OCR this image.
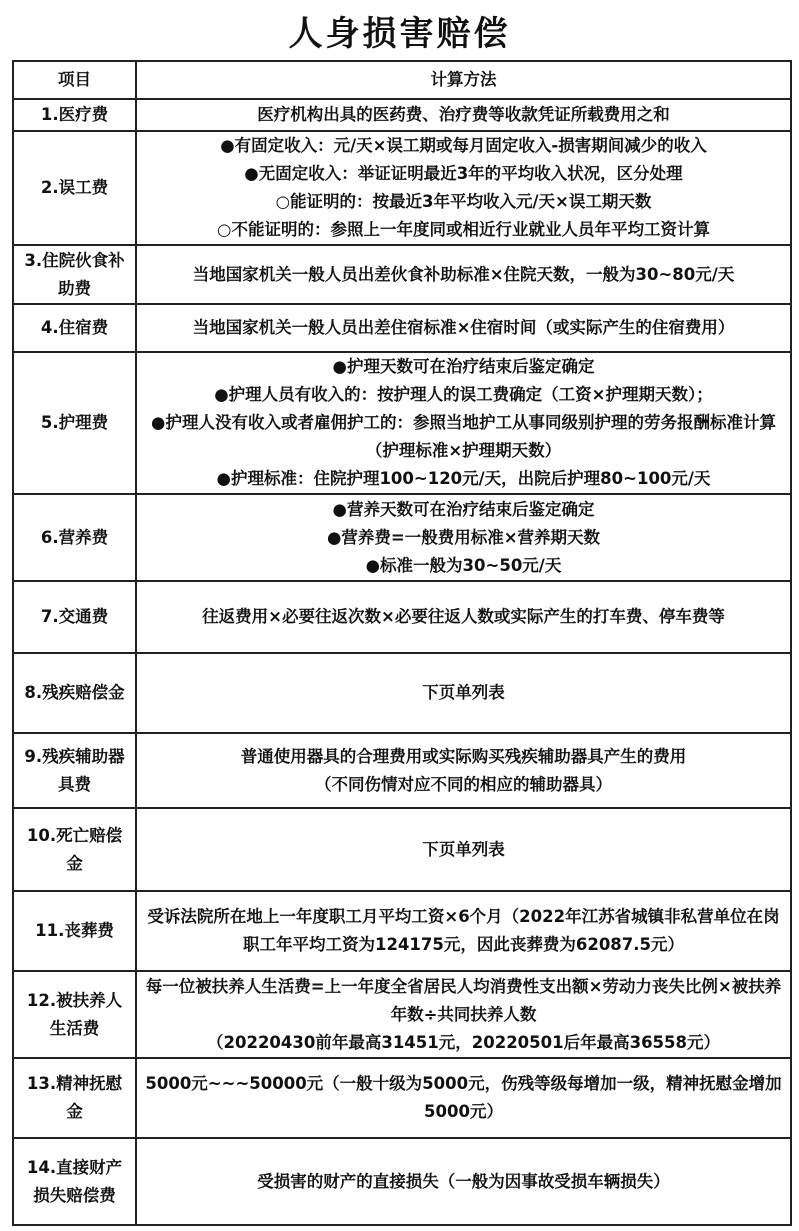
人身损害赔偿
项目	计算方法
1.医疗费	医疗机构出具的医药费、治疗费等收款凭证所载费用之和

2.误工费	●有固定收入：元/天×误工期或每月固定收入-损害期间减少的收入
●无固定收入：举证证明最近3年的平均收入状况，区分处理
○能证明的：按最近3年平均收入元/天×误工期天数
○不能证明的：参照上一年度同或相近行业就业人员年平均工资计算

3.住院伙食补助费	当地国家机关一般人员出差伙食补助标准×住院天数，一般为30~80元/天

4.住宿费	当地国家机关一般人员出差住宿标准×住宿时间（或实际产生的住宿费用）

5.护理费	●护理天数可在治疗结束后鉴定确定
●护理人员有收入的：按护理人的误工费确定（工资×护理期天数）；
●护理人没有收入或者雇佣护工的：参照当地护工从事同级别护理的劳务报酬标准计算（护理标准×护理期天数）
●护理标准：住院护理100~120元/天，出院后护理80~100元/天

6.营养费	●营养天数可在治疗结束后鉴定确定
●营养费=一般费用标准×营养期天数
●标准一般为30~50元/天

7.交通费	往返费用×必要往返次数×必要往返人数或实际产生的打车费、停车费等

8.残疾赔偿金	下页单列表

9.残疾辅助器具费	普通使用器具的合理费用或实际购买残疾辅助器具产生的费用
（不同伤情对应不同的相应的辅助器具）

10.死亡赔偿金	下页单列表

11.丧葬费	受诉法院所在地上一年度职工月平均工资×6个月（2022年江苏省城镇非私营单位在岗职工年平均工资为124175元，因此丧葬费为62087.5元）

12.被扶养人生活费	每一位被扶养人生活费=上一年度全省居民人均消费性支出额×劳动力丧失比例×被扶养年数÷共同扶养人数
（20220430前年最高31451元，20220501后年最高36558元）

13.精神抚慰金	5000元~~~50000元（一般十级为5000元，伤残等级每增加一级，精神抚慰金增加5000元）

14.直接财产损失赔偿费	受损害的财产的直接损失（一般为因事故受损车辆损失）
